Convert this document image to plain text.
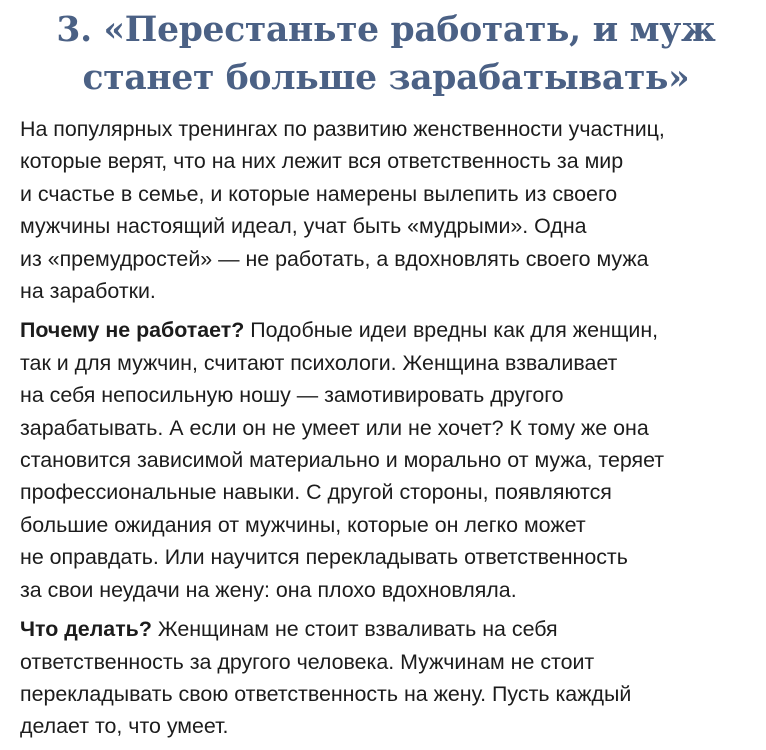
3. «Перестаньте работать, и муж
станет больше зарабатывать»

На популярных тренингах по развитию женственности участниц,
которые верят, что на них лежит вся ответственность за мир
и счастье в семье, и которые намерены вылепить из своего
мужчины настоящий идеал, учат быть «мудрыми». Одна
из «премудростей» — не работать, а вдохновлять своего мужа
на заработки.

Почему не работает? Подобные идеи вредны как для женщин,
так и для мужчин, считают психологи. Женщина взваливает
на себя непосильную ношу — замотивировать другого
зарабатывать. А если он не умеет или не хочет? К тому же она
становится зависимой материально и морально от мужа, теряет
профессиональные навыки. С другой стороны, появляются
большие ожидания от мужчины, которые он легко может
не оправдать. Или научится перекладывать ответственность
за свои неудачи на жену: она плохо вдохновляла.

Что делать? Женщинам не стоит взваливать на себя
ответственность за другого человека. Мужчинам не стоит
перекладывать свою ответственность на жену. Пусть каждый
делает то, что умеет.
